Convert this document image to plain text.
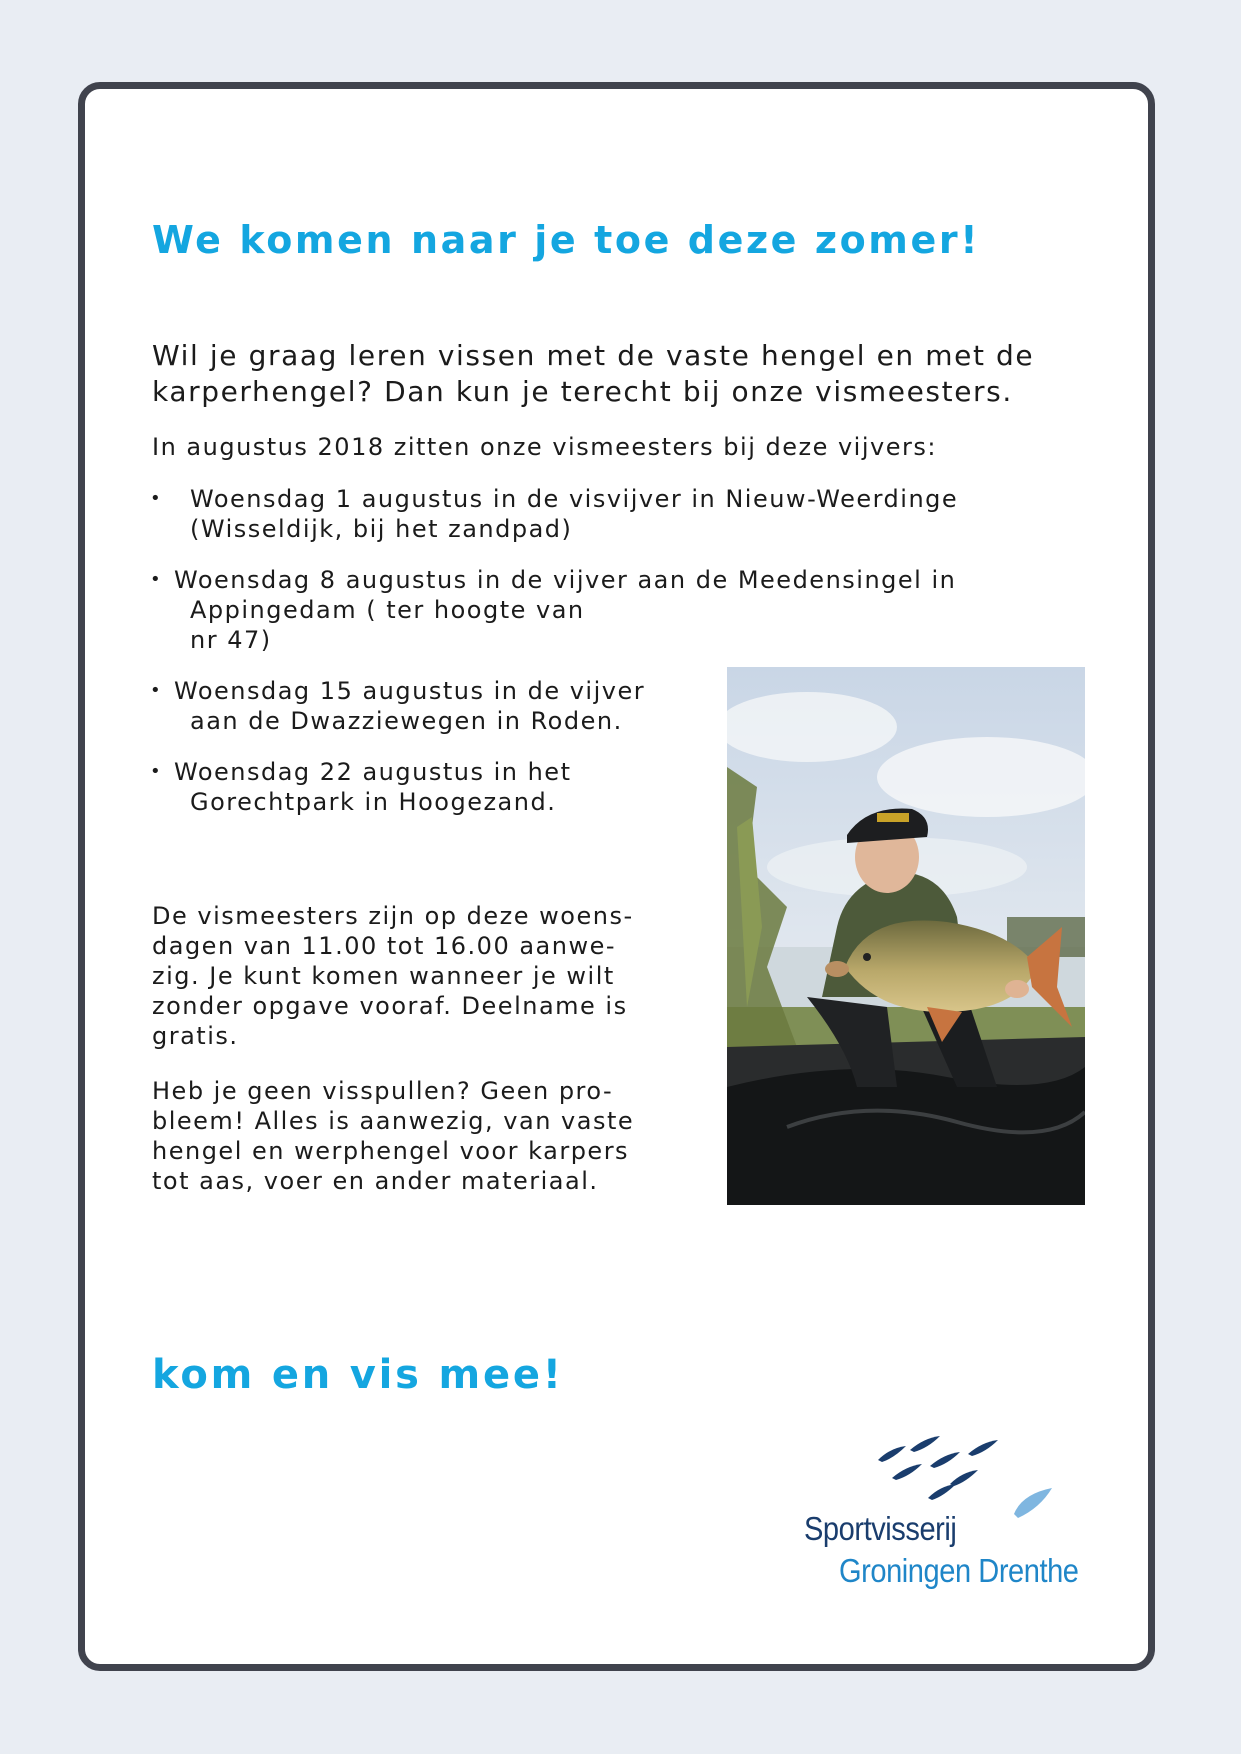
We komen naar je toe deze zomer!

Wil je graag leren vissen met de vaste hengel en met de
karperhengel? Dan kun je terecht bij onze vismeesters.

In augustus 2018 zitten onze vismeesters bij deze vijvers:

• Woensdag 1 augustus in de visvijver in Nieuw-Weerdinge
(Wisseldijk, bij het zandpad)
• Woensdag 8 augustus in de vijver aan de Meedensingel in
Appingedam ( ter hoogte van
nr 47)
• Woensdag 15 augustus in de vijver
aan de Dwazziewegen in Roden.
• Woensdag 22 augustus in het
Gorechtpark in Hoogezand.

De vismeesters zijn op deze woens-
dagen van 11.00 tot 16.00 aanwe-
zig. Je kunt komen wanneer je wilt
zonder opgave vooraf. Deelname is
gratis.

Heb je geen visspullen? Geen pro-
bleem! Alles is aanwezig, van vaste
hengel en werphengel voor karpers
tot aas, voer en ander materiaal.

kom en vis mee!

Sportvisserij
Groningen Drenthe
